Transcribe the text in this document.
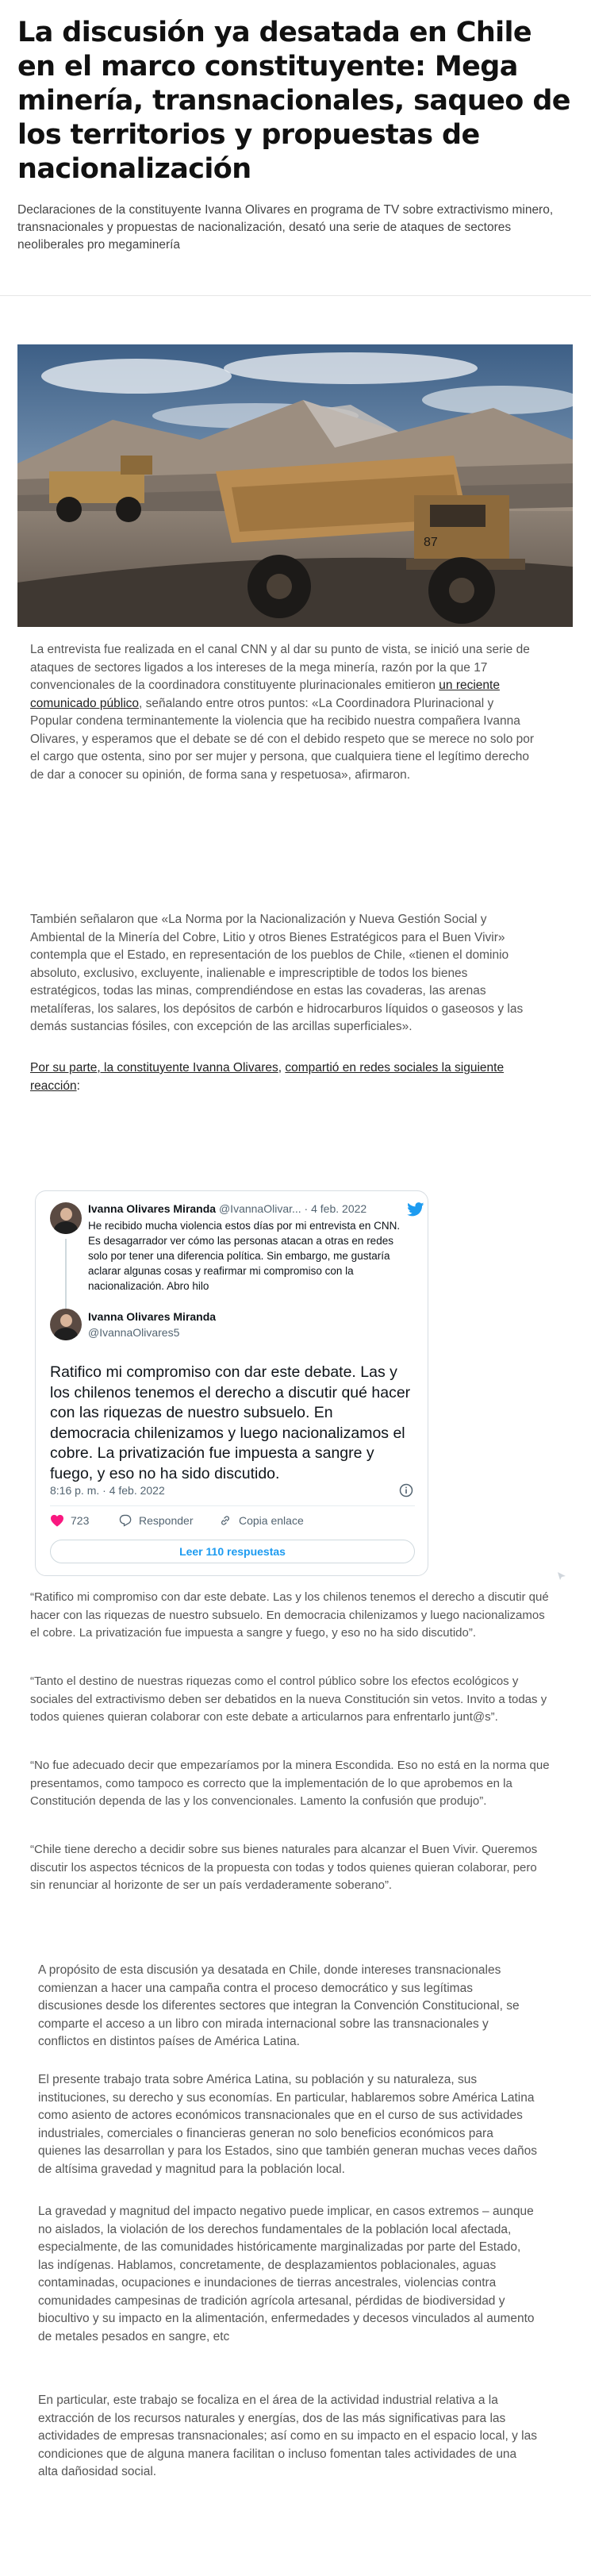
La discusión ya desatada en Chile en el marco constituyente: Mega minería, transnacionales, saqueo de los territorios y propuestas de nacionalización

Declaraciones de la constituyente Ivanna Olivares en programa de TV sobre extractivismo minero, transnacionales y propuestas de nacionalización, desató una serie de ataques de sectores neoliberales pro megaminería

87

La entrevista fue realizada en el canal CNN y al dar su punto de vista, se inició una serie de ataques de sectores ligados a los intereses de la mega minería, razón por la que 17 convencionales de la coordinadora constituyente plurinacionales emitieron un reciente comunicado público, señalando entre otros puntos: «La Coordinadora Plurinacional y Popular condena terminantemente la violencia que ha recibido nuestra compañera Ivanna Olivares, y esperamos que el debate se dé con el debido respeto que se merece no solo por el cargo que ostenta, sino por ser mujer y persona, que cualquiera tiene el legítimo derecho de dar a conocer su opinión, de forma sana y respetuosa», afirmaron.

También señalaron que «La Norma por la Nacionalización y Nueva Gestión Social y Ambiental de la Minería del Cobre, Litio y otros Bienes Estratégicos para el Buen Vivir» contempla que el Estado, en representación de los pueblos de Chile, «tienen el dominio absoluto, exclusivo, excluyente, inalienable e imprescriptible de todos los bienes estratégicos, todas las minas, comprendiéndose en estas las covaderas, las arenas metalíferas, los salares, los depósitos de carbón e hidrocarburos líquidos o gaseosos y las demás sustancias fósiles, con excepción de las arcillas superficiales».

Por su parte, la constituyente Ivanna Olivares, compartió en redes sociales la siguiente reacción:

Ivanna Olivares Miranda @IvannaOlivar... · 4 feb. 2022
He recibido mucha violencia estos días por mi entrevista en CNN. Es desagarrador ver cómo las personas atacan a otras en redes solo por tener una diferencia política. Sin embargo, me gustaría aclarar algunas cosas y reafirmar mi compromiso con la nacionalización. Abro hilo
Ivanna Olivares Miranda
@IvannaOlivares5
Ratifico mi compromiso con dar este debate. Las y los chilenos tenemos el derecho a discutir qué hacer con las riquezas de nuestro subsuelo. En democracia chilenizamos y luego nacionalizamos el cobre. La privatización fue impuesta a sangre y fuego, y eso no ha sido discutido.
8:16 p. m. · 4 feb. 2022
723	Responder	Copia enlace
Leer 110 respuestas

“Ratifico mi compromiso con dar este debate. Las y los chilenos tenemos el derecho a discutir qué hacer con las riquezas de nuestro subsuelo. En democracia chilenizamos y luego nacionalizamos el cobre. La privatización fue impuesta a sangre y fuego, y eso no ha sido discutido”.

“Tanto el destino de nuestras riquezas como el control público sobre los efectos ecológicos y sociales del extractivismo deben ser debatidos en la nueva Constitución sin vetos. Invito a todas y todos quienes quieran colaborar con este debate a articularnos para enfrentarlo junt@s”.

“No fue adecuado decir que empezaríamos por la minera Escondida. Eso no está en la norma que presentamos, como tampoco es correcto que la implementación de lo que aprobemos en la Constitución dependa de las y los convencionales. Lamento la confusión que produjo”.

“Chile tiene derecho a decidir sobre sus bienes naturales para alcanzar el Buen Vivir. Queremos discutir los aspectos técnicos de la propuesta con todas y todos quienes quieran colaborar, pero sin renunciar al horizonte de ser un país verdaderamente soberano”.

A propósito de esta discusión ya desatada en Chile, donde intereses transnacionales comienzan a hacer una campaña contra el proceso democrático y sus legítimas discusiones desde los diferentes sectores que integran la Convención Constitucional, se comparte el acceso a un libro con mirada internacional sobre las transnacionales y conflictos en distintos países de América Latina.

El presente trabajo trata sobre América Latina, su población y su naturaleza, sus instituciones, su derecho y sus economías. En particular, hablaremos sobre América Latina como asiento de actores económicos transnacionales que en el curso de sus actividades industriales, comerciales o financieras generan no solo beneficios económicos para quienes las desarrollan y para los Estados, sino que también generan muchas veces daños de altísima gravedad y magnitud para la población local.

La gravedad y magnitud del impacto negativo puede implicar, en casos extremos – aunque no aislados, la violación de los derechos fundamentales de la población local afectada, especialmente, de las comunidades históricamente marginalizadas por parte del Estado, las indígenas. Hablamos, concretamente, de desplazamientos poblacionales, aguas contaminadas, ocupaciones e inundaciones de tierras ancestrales, violencias contra comunidades campesinas de tradición agrícola artesanal, pérdidas de biodiversidad y biocultivo y su impacto en la alimentación, enfermedades y decesos vinculados al aumento de metales pesados en sangre, etc

En particular, este trabajo se focaliza en el área de la actividad industrial relativa a la extracción de los recursos naturales y energías, dos de las más significativas para las actividades de empresas transnacionales; así como en su impacto en el espacio local, y las condiciones que de alguna manera facilitan o incluso fomentan tales actividades de una alta dañosidad social.
